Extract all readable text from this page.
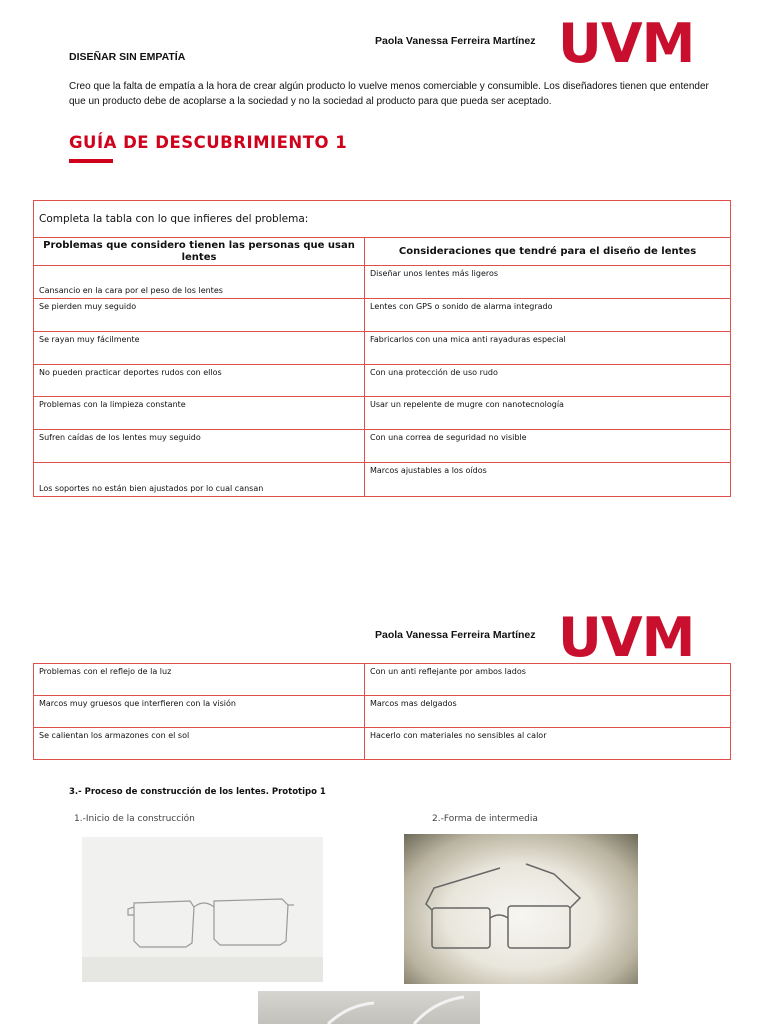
Paola Vanessa Ferreira Martínez UVM
DISEÑAR SIN EMPATÍA
Creo que la falta de empatía a la hora de crear algún producto lo vuelve menos comerciable y consumible. Los diseñadores tienen que entender que un producto debe de acoplarse a la sociedad y no la sociedad al producto para que pueda ser aceptado.
GUÍA DE DESCUBRIMIENTO 1
Completa la tabla con lo que infieres del problema:	
Problemas que considero tienen las personas que usan lentes	Consideraciones que tendré para el diseño de lentes
Cansancio en la cara por el peso de los lentes	Diseñar unos lentes más ligeros
Se pierden muy seguido	Lentes con GPS o sonido de alarma integrado
Se rayan muy fácilmente	Fabricarlos con una mica anti rayaduras especial
No pueden practicar deportes rudos con ellos	Con una protección de uso rudo
Problemas con la limpieza constante	Usar un repelente de mugre con nanotecnología
Sufren caídas de los lentes muy seguido	Con una correa de seguridad no visible
Los soportes no están bien ajustados por lo cual cansan	Marcos ajustables a los oídos
Paola Vanessa Ferreira Martínez UVM
Problemas con el reflejo de la luz	Con un anti reflejante por ambos lados
Marcos muy gruesos que interfieren con la visión	Marcos mas delgados
Se calientan los armazones con el sol	Hacerlo con materiales no sensibles al calor
3.- Proceso de construcción de los lentes. Prototipo 1
1.-Inicio de la construcción	2.-Forma de intermedia
